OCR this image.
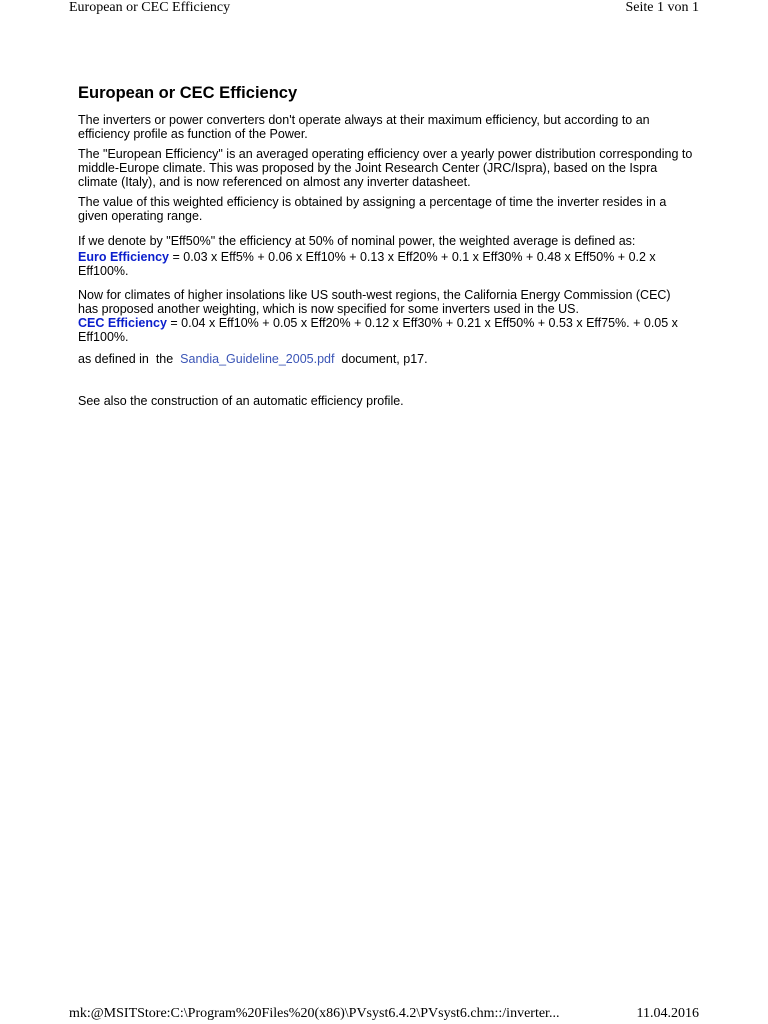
European or CEC Efficiency	Seite 1 von 1
European or CEC Efficiency

The inverters or power converters don't operate always at their maximum efficiency, but according to an efficiency profile as function of the Power.

The "European Efficiency" is an averaged operating efficiency over a yearly power distribution corresponding to middle-Europe climate. This was proposed by the Joint Research Center (JRC/Ispra), based on the Ispra climate (Italy), and is now referenced on almost any inverter datasheet.

The value of this weighted efficiency is obtained by assigning a percentage of time the inverter resides in a given operating range.

If we denote by "Eff50%" the efficiency at 50% of nominal power, the weighted average is defined as:

Euro Efficiency = 0.03 x Eff5% + 0.06 x Eff10% + 0.13 x Eff20% + 0.1 x Eff30% + 0.48 x Eff50% + 0.2 x Eff100%.

Now for climates of higher insolations like US south-west regions, the California Energy Commission (CEC) has proposed another weighting, which is now specified for some inverters used in the US.

CEC Efficiency = 0.04 x Eff10% + 0.05 x Eff20% + 0.12 x Eff30% + 0.21 x Eff50% + 0.53 x Eff75%. + 0.05 x Eff100%.

as defined in  the  Sandia_Guideline_2005.pdf  document, p17.

See also the construction of an automatic efficiency profile.

mk:@MSITStore:C:\Program%20Files%20(x86)\PVsyst6.4.2\PVsyst6.chm::/inverter...	11.04.2016
